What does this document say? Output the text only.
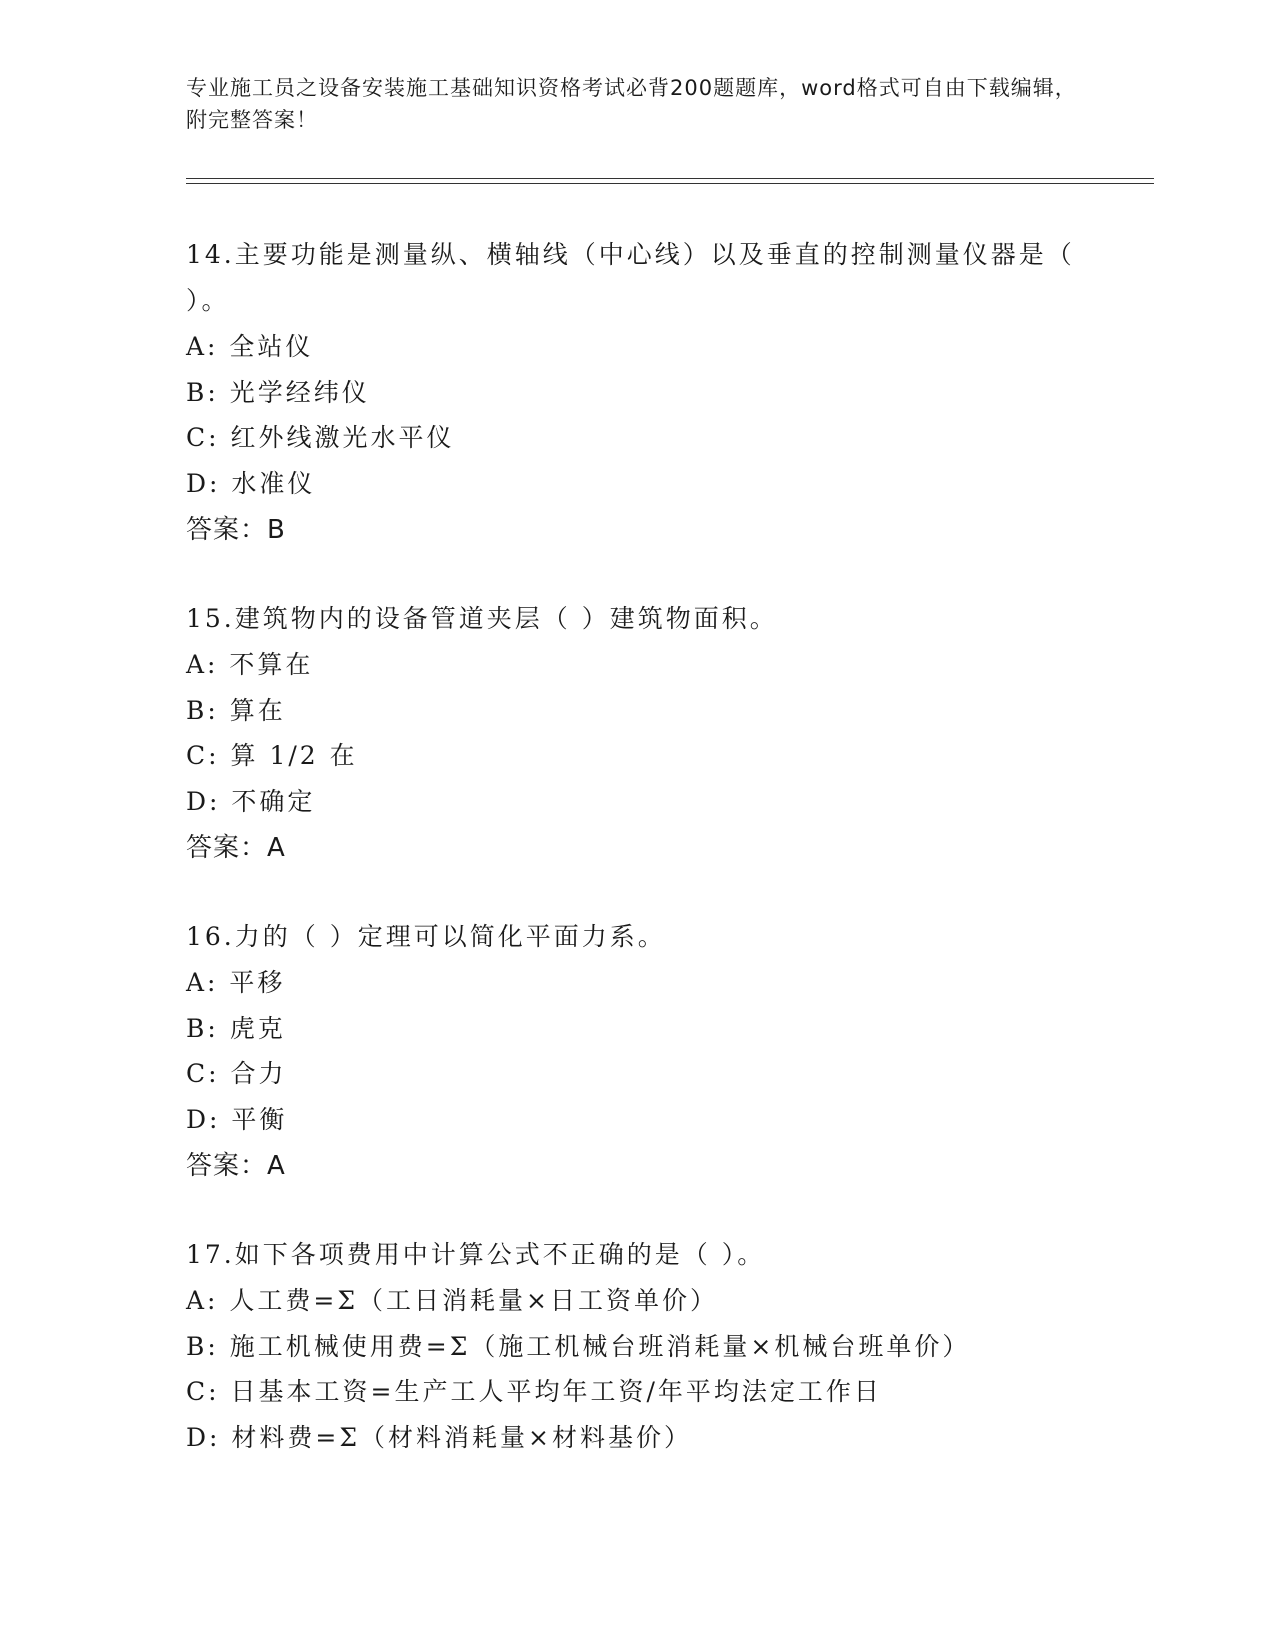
专业施工员之设备安装施工基础知识资格考试必背200题题库，word格式可自由下载编辑，附完整答案！

14.主要功能是测量纵、横轴线（中心线）以及垂直的控制测量仪器是（ ）。

A: 全站仪

B: 光学经纬仪

C: 红外线激光水平仪

D: 水准仪

答案：B

15.建筑物内的设备管道夹层（ ）建筑物面积。

A: 不算在

B: 算在

C: 算 1/2 在

D: 不确定

答案：A

16.力的（ ）定理可以简化平面力系。

A: 平移

B: 虎克

C: 合力

D: 平衡

答案：A

17.如下各项费用中计算公式不正确的是（ ）。

A: 人工费=Σ（工日消耗量×日工资单价）

B: 施工机械使用费=Σ（施工机械台班消耗量×机械台班单价）

C: 日基本工资=生产工人平均年工资/年平均法定工作日

D: 材料费=Σ（材料消耗量×材料基价）
